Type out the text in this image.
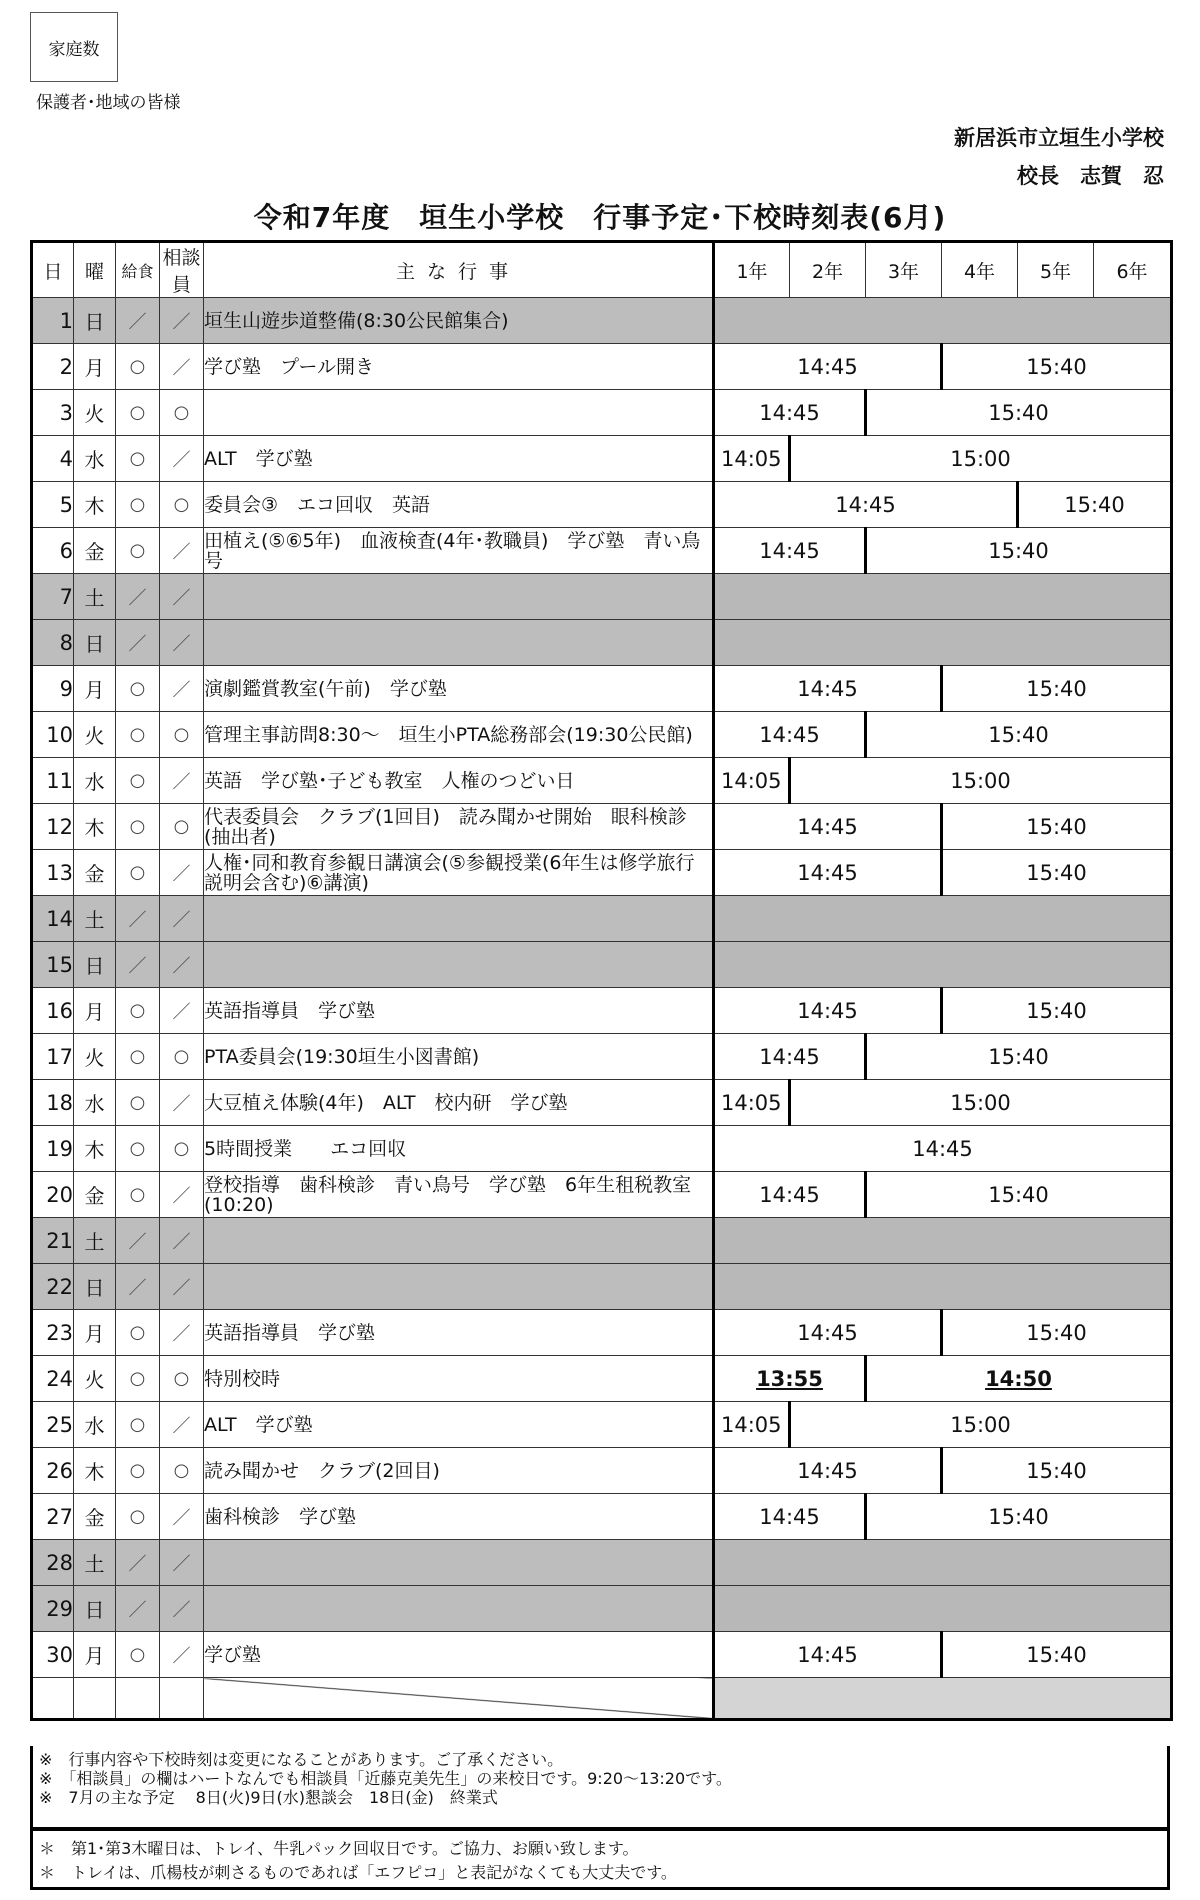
家庭数
保護者･地域の皆様
新居浜市立垣生小学校
校長　志賀　忍
令和7年度　垣生小学校　行事予定･下校時刻表(6月)
日	曜	給食	相談員	主な行事	1年	2年	3年	4年	5年	6年
1	日	／	／	垣生山遊歩道整備(8:30公民館集合)						
2	月	○	／	学び塾　プール開き	14:45			15:40		
3	火	○	○		14:45		15:40			
4	水	○	／	ALT　学び塾	14:05	15:00				
5	木	○	○	委員会③　エコ回収　英語	14:45				15:40	
6	金	○	／	田植え(⑤⑥5年)　血液検査(4年･教職員)　学び塾　青い鳥号	14:45		15:40			
7	土	／	／							
8	日	／	／							
9	月	○	／	演劇鑑賞教室(午前)　学び塾	14:45			15:40		
10	火	○	○	管理主事訪問8:30～　垣生小PTA総務部会(19:30公民館)	14:45		15:40			
11	水	○	／	英語　学び塾･子ども教室　人権のつどい日	14:05	15:00				
12	木	○	○	代表委員会　クラブ(1回目)　読み聞かせ開始　眼科検診(抽出者)	14:45			15:40		
13	金	○	／	人権･同和教育参観日講演会(⑤参観授業(6年生は修学旅行説明会含む)⑥講演)	14:45			15:40		
14	土	／	／							
15	日	／	／							
16	月	○	／	英語指導員　学び塾	14:45			15:40		
17	火	○	○	PTA委員会(19:30垣生小図書館)	14:45		15:40			
18	水	○	／	大豆植え体験(4年)　ALT　校内研　学び塾	14:05	15:00				
19	木	○	○	5時間授業　　エコ回収	14:45					
20	金	○	／	登校指導　歯科検診　青い鳥号　学び塾　6年生租税教室(10:20)	14:45		15:40			
21	土	／	／							
22	日	／	／							
23	月	○	／	英語指導員　学び塾	14:45			15:40		
24	火	○	○	特別校時	13:55		14:50			
25	水	○	／	ALT　学び塾	14:05	15:00				
26	木	○	○	読み聞かせ　クラブ(2回目)	14:45			15:40		
27	金	○	／	歯科検診　学び塾	14:45		15:40			
28	土	／	／							
29	日	／	／							
30	月	○	／	学び塾	14:45			15:40		

※　行事内容や下校時刻は変更になることがあります。ご了承ください。
※　「相談員」の欄はハートなんでも相談員「近藤克美先生」の来校日です。9:20～13:20です。
※　7月の主な予定　 8日(火)9日(水)懇談会　18日(金)　終業式
＊　第1･第3木曜日は、トレイ、牛乳パック回収日です。ご協力、お願い致します。
＊　トレイは、爪楊枝が刺さるものであれば「エフピコ」と表記がなくても大丈夫です。
